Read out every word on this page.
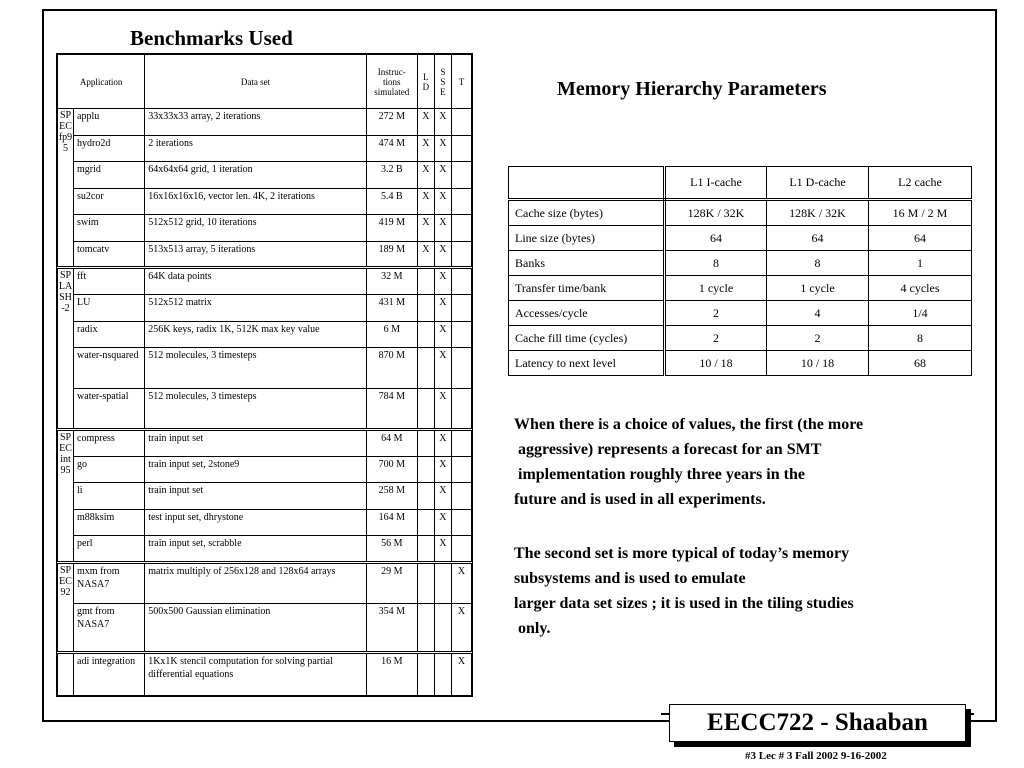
Benchmarks Used
Application		Data set	Instruc-tions simulated	L D	S S E	T
SPECfp95	applu	33x33x33 array, 2 iterations	272 M	X	X	
	hydro2d	2 iterations	474 M	X	X	
	mgrid	64x64x64 grid, 1 iteration	3.2 B	X	X	
	su2cor	16x16x16x16, vector len. 4K, 2 iterations	5.4 B	X	X	
	swim	512x512 grid, 10 iterations	419 M	X	X	
	tomcatv	513x513 array, 5 iterations	189 M	X	X	
SPLASH-2	fft	64K data points	32 M		X	
	LU	512x512 matrix	431 M		X	
	radix	256K keys, radix 1K, 512K max key value	6 M		X	
	water-nsquared	512 molecules, 3 timesteps	870 M		X	
	water-spatial	512 molecules, 3 timesteps	784 M		X	
SPECint95	compress	train input set	64 M		X	
	go	train input set, 2stone9	700 M		X	
	li	train input set	258 M		X	
	m88ksim	test input set, dhrystone	164 M		X	
	perl	train input set, scrabble	56 M		X	
SPEC92	mxm from NASA7	matrix multiply of 256x128 and 128x64 arrays	29 M			X
	gmt from NASA7	500x500 Gaussian elimination	354 M			X
	adi integration	1Kx1K stencil computation for solving partial differential equations	16 M			X
Memory Hierarchy Parameters
	L1 I-cache	L1 D-cache	L2 cache
Cache size (bytes)	128K / 32K	128K / 32K	16 M / 2 M
Line size (bytes)	64	64	64
Banks	8	8	1
Transfer time/bank	1 cycle	1 cycle	4 cycles
Accesses/cycle	2	4	1/4
Cache fill time (cycles)	2	2	8
Latency to next level	10 / 18	10 / 18	68
When there is a choice of values, the first (the more
aggressive) represents a forecast for an SMT
implementation roughly three years in the
future and is used in all experiments.
The second set is more typical of today’s memory
subsystems and is used to emulate
larger data set sizes ; it is used in the tiling studies
only.
EECC722 - Shaaban
#3 Lec # 3 Fall 2002 9-16-2002
